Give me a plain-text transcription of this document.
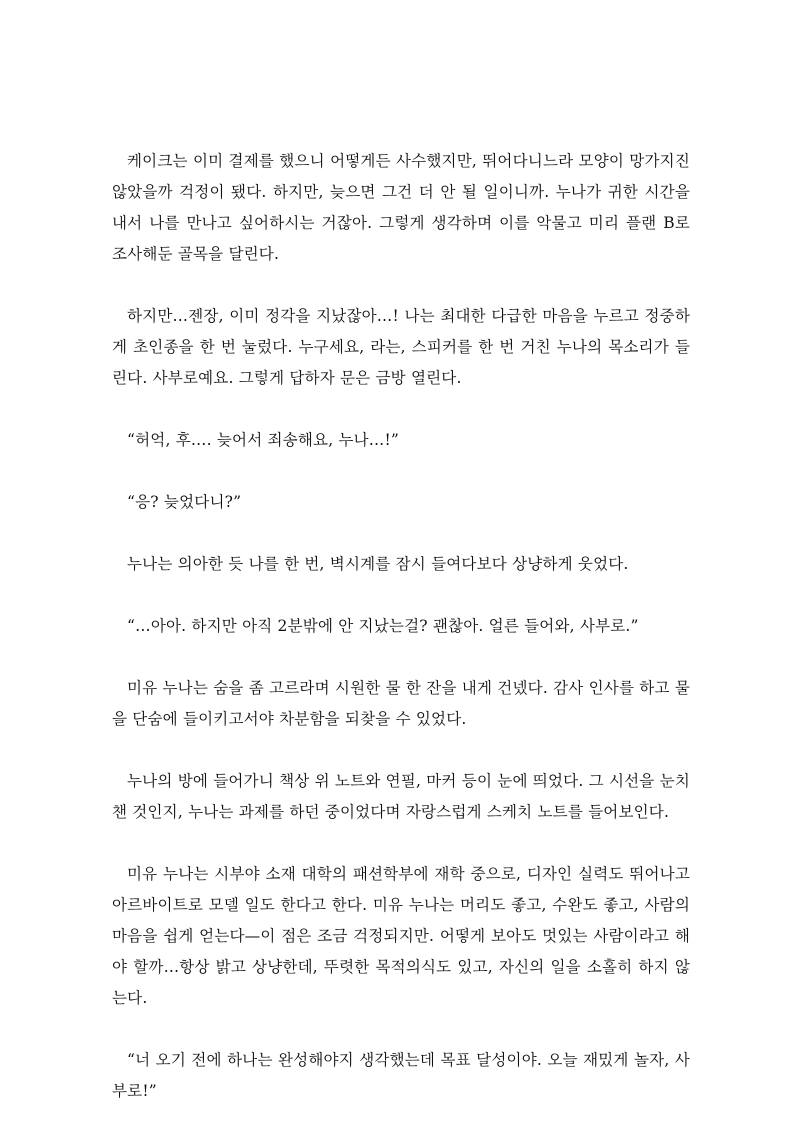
케이크는 이미 결제를 했으니 어떻게든 사수했지만, 뛰어다니느라 모양이 망가지진 않았을까 걱정이 됐다. 하지만, 늦으면 그건 더 안 될 일이니까. 누나가 귀한 시간을 내서 나를 만나고 싶어하시는 거잖아. 그렇게 생각하며 이를 악물고 미리 플랜 B로 조사해둔 골목을 달린다.

하지만…젠장, 이미 정각을 지났잖아…! 나는 최대한 다급한 마음을 누르고 정중하게 초인종을 한 번 눌렀다. 누구세요, 라는, 스피커를 한 번 거친 누나의 목소리가 들린다. 사부로예요. 그렇게 답하자 문은 금방 열린다.

“허억, 후…. 늦어서 죄송해요, 누나…!”

“응? 늦었다니?”

누나는 의아한 듯 나를 한 번, 벽시계를 잠시 들여다보다 상냥하게 웃었다.

“…아아. 하지만 아직 2분밖에 안 지났는걸? 괜찮아. 얼른 들어와, 사부로.”

미유 누나는 숨을 좀 고르라며 시원한 물 한 잔을 내게 건넸다. 감사 인사를 하고 물을 단숨에 들이키고서야 차분함을 되찾을 수 있었다.

누나의 방에 들어가니 책상 위 노트와 연필, 마커 등이 눈에 띄었다. 그 시선을 눈치챈 것인지, 누나는 과제를 하던 중이었다며 자랑스럽게 스케치 노트를 들어보인다.

미유 누나는 시부야 소재 대학의 패션학부에 재학 중으로, 디자인 실력도 뛰어나고 아르바이트로 모델 일도 한다고 한다. 미유 누나는 머리도 좋고, 수완도 좋고, 사람의 마음을 쉽게 얻는다—이 점은 조금 걱정되지만. 어떻게 보아도 멋있는 사람이라고 해야 할까…항상 밝고 상냥한데, 뚜렷한 목적의식도 있고, 자신의 일을 소홀히 하지 않는다.

“너 오기 전에 하나는 완성해야지 생각했는데 목표 달성이야. 오늘 재밌게 놀자, 사부로!”
